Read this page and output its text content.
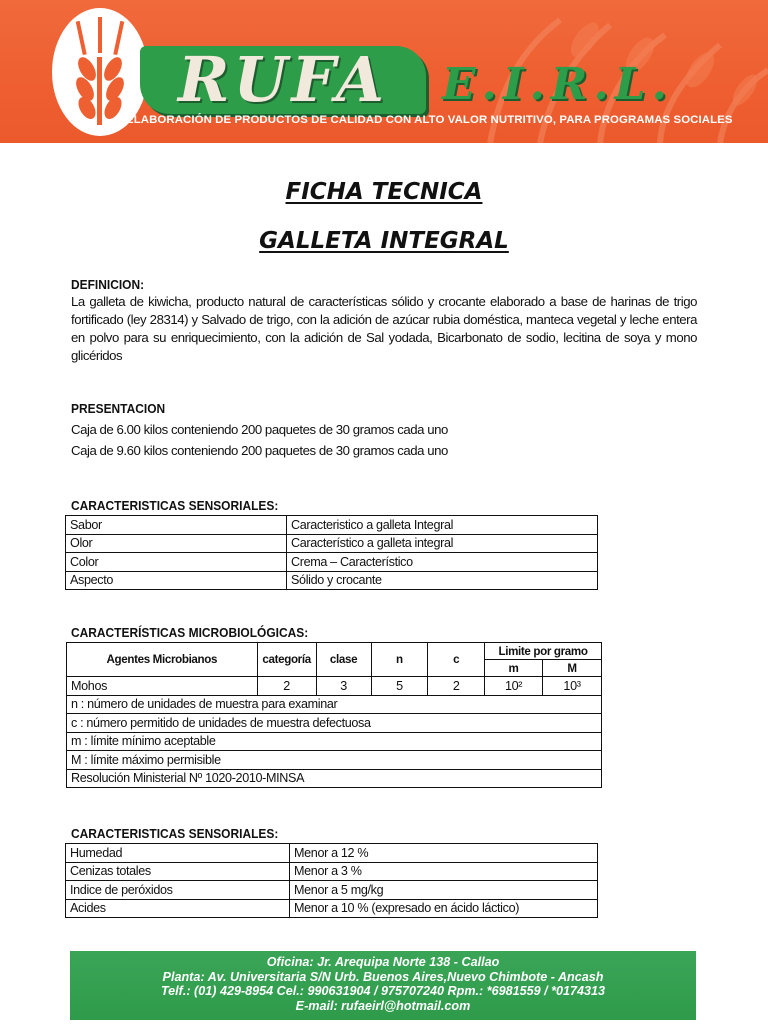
RUFA	E.I.R.L.
ELABORACIÓN DE PRODUCTOS DE CALIDAD CON ALTO VALOR NUTRITIVO, PARA PROGRAMAS SOCIALES
FICHA TECNICA
GALLETA INTEGRAL
DEFINICION:
La galleta de kiwicha, producto natural de características sólido y crocante elaborado a base de harinas de trigo fortificado (ley 28314) y Salvado de trigo, con la adición de azúcar rubia doméstica, manteca vegetal y leche entera en polvo para su enriquecimiento, con la adición de Sal yodada, Bicarbonato de sodio, lecitina de soya y mono glicéridos
PRESENTACION
Caja de 6.00 kilos conteniendo 200 paquetes de 30 gramos cada uno
Caja de 9.60 kilos conteniendo 200 paquetes de 30 gramos cada uno
CARACTERISTICAS SENSORIALES:
Sabor	Caracteristico a galleta Integral
Olor	Característico a galleta integral
Color	Crema – Característico
Aspecto	Sólido y crocante
CARACTERÍSTICAS MICROBIOLÓGICAS:
Agentes Microbianos	categoría	clase	n	c	Limite por gramo	
					m	M
Mohos	2	3	5	2	10²	10³
n : número de unidades de muestra para examinar						
c : número permitido de unidades de muestra defectuosa						
m : límite mínimo aceptable						
M : límite máximo permisible						
Resolución Ministerial Nº 1020-2010-MINSA						
CARACTERISTICAS SENSORIALES:
Humedad	Menor a 12 %
Cenizas totales	Menor a 3 %
Indice de peróxidos	Menor a 5 mg/kg
Acides	Menor a 10 % (expresado en ácido láctico)
Oficina: Jr. Arequipa Norte 138 - Callao
Planta: Av. Universitaria S/N Urb. Buenos Aires,Nuevo Chimbote - Ancash
Telf.: (01) 429-8954 Cel.: 990631904 / 975707240 Rpm.: *6981559 / *0174313
E-mail: rufaeirl@hotmail.com
